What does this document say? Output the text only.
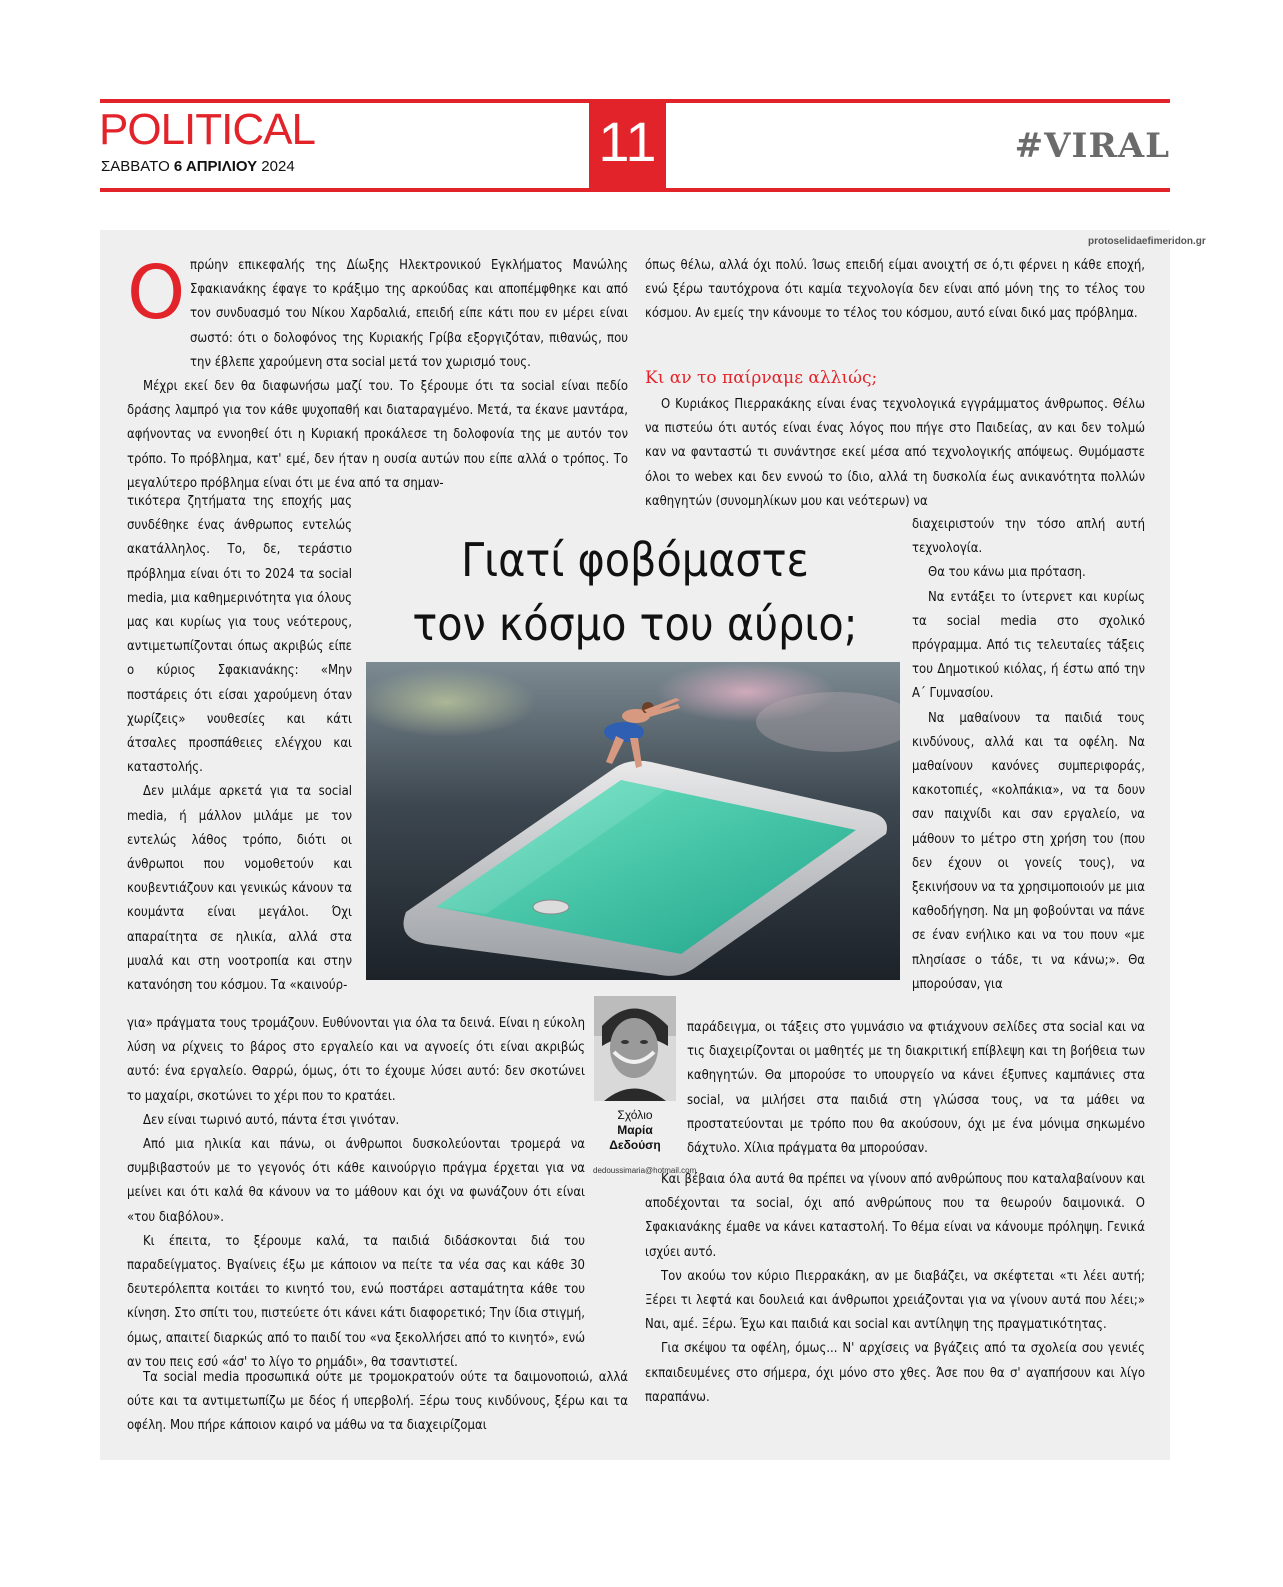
POLITICAL
ΣΑΒΒΑΤΟ 6 ΑΠΡΙΛΙΟΥ 2024	11	#VIRAL
protoselidaefimeridon.gr
Ο πρώην επικεφαλής της Δίωξης Ηλεκτρονικού Εγκλήματος Μανώλης Σφακιανάκης έφαγε το κράξιμο της αρκούδας και αποπέμφθηκε και από τον συνδυασμό του Νίκου Χαρδαλιά, επειδή είπε κάτι που εν μέρει είναι σωστό: ότι ο δολοφόνος της Κυριακής Γρίβα εξοργιζόταν, πιθανώς, που την έβλεπε χαρούμενη στα social μετά τον χωρισμό τους.

Μέχρι εκεί δεν θα διαφωνήσω μαζί του. Το ξέρουμε ότι τα social είναι πεδίο δράσης λαμπρό για τον κάθε ψυχοπαθή και διαταραγμένο. Μετά, τα έκανε μαντάρα, αφήνοντας να εννοηθεί ότι η Κυριακή προκάλεσε τη δολοφονία της με αυτόν τον τρόπο. Το πρόβλημα, κατ' εμέ, δεν ήταν η ουσία αυτών που είπε αλλά ο τρόπος. Το μεγαλύτερο πρόβλημα είναι ότι με ένα από τα σημαν-

τικότερα ζητήματα της εποχής μας συνδέθηκε ένας άνθρωπος εντελώς ακατάλληλος. Το, δε, τεράστιο πρόβλημα είναι ότι το 2024 τα social media, μια καθημερινότητα για όλους μας και κυρίως για τους νεότερους, αντιμετωπίζονται όπως ακριβώς είπε ο κύριος Σφακιανάκης: «Μην ποστάρεις ότι είσαι χαρούμενη όταν χωρίζεις» νουθεσίες και κάτι άτσαλες προσπάθειες ελέγχου και καταστολής.

Δεν μιλάμε αρκετά για τα social media, ή μάλλον μιλάμε με τον εντελώς λάθος τρόπο, διότι οι άνθρωποι που νομοθετούν και κουβεντιάζουν και γενικώς κάνουν τα κουμάντα είναι μεγάλοι. Όχι απαραίτητα σε ηλικία, αλλά στα μυαλά και στη νοοτροπία και στην κατανόηση του κόσμου. Τα «καινούρ-

για» πράγματα τους τρομάζουν. Ευθύνονται για όλα τα δεινά. Είναι η εύκολη λύση να ρίχνεις το βάρος στο εργαλείο και να αγνοείς ότι είναι ακριβώς αυτό: ένα εργαλείο. Θαρρώ, όμως, ότι το έχουμε λύσει αυτό: δεν σκοτώνει το μαχαίρι, σκοτώνει το χέρι που το κρατάει.

Δεν είναι τωρινό αυτό, πάντα έτσι γινόταν.

Από μια ηλικία και πάνω, οι άνθρωποι δυσκολεύονται τρομερά να συμβιβαστούν με το γεγονός ότι κάθε καινούργιο πράγμα έρχεται για να μείνει και ότι καλά θα κάνουν να το μάθουν και όχι να φωνάζουν ότι είναι «του διαβόλου».

Κι έπειτα, το ξέρουμε καλά, τα παιδιά διδάσκονται διά του παραδείγματος. Βγαίνεις έξω με κάποιον να πείτε τα νέα σας και κάθε 30 δευτερόλεπτα κοιτάει το κινητό του, ενώ ποστάρει ασταμάτητα κάθε του κίνηση. Στο σπίτι του, πιστεύετε ότι κάνει κάτι διαφορετικό; Την ίδια στιγμή, όμως, απαιτεί διαρκώς από το παιδί του «να ξεκολλήσει από το κινητό», ενώ αν του πεις εσύ «άσ' το λίγο το ρημάδι», θα τσαντιστεί.

Τα social media προσωπικά ούτε με τρομοκρατούν ούτε τα δαιμονοποιώ, αλλά ούτε και τα αντιμετωπίζω με δέος ή υπερβολή. Ξέρω τους κινδύνους, ξέρω και τα οφέλη. Μου πήρε κάποιον καιρό να μάθω να τα διαχειρίζομαι

όπως θέλω, αλλά όχι πολύ. Ίσως επειδή είμαι ανοιχτή σε ό,τι φέρνει η κάθε εποχή, ενώ ξέρω ταυτόχρονα ότι καμία τεχνολογία δεν είναι από μόνη της το τέλος του κόσμου. Αν εμείς την κάνουμε το τέλος του κόσμου, αυτό είναι δικό μας πρόβλημα.

Κι αν το παίρναμε αλλιώς;

Ο Κυριάκος Πιερρακάκης είναι ένας τεχνολογικά εγγράμματος άνθρωπος. Θέλω να πιστεύω ότι αυτός είναι ένας λόγος που πήγε στο Παιδείας, αν και δεν τολμώ καν να φανταστώ τι συνάντησε εκεί μέσα από τεχνολογικής απόψεως. Θυμόμαστε όλοι το webex και δεν εννοώ το ίδιο, αλλά τη δυσκολία έως ανικανότητα πολλών καθηγητών (συνομηλίκων μου και νεότερων) να

διαχειριστούν την τόσο απλή αυτή τεχνολογία.

Θα του κάνω μια πρόταση.

Να εντάξει το ίντερνετ και κυρίως τα social media στο σχολικό πρόγραμμα. Από τις τελευταίες τάξεις του Δημοτικού κιόλας, ή έστω από την Α΄ Γυμνασίου.

Να μαθαίνουν τα παιδιά τους κινδύνους, αλλά και τα οφέλη. Να μαθαίνουν κανόνες συμπεριφοράς, κακοτοπιές, «κολπάκια», να τα δουν σαν παιχνίδι και σαν εργαλείο, να μάθουν το μέτρο στη χρήση του (που δεν έχουν οι γονείς τους), να ξεκινήσουν να τα χρησιμοποιούν με μια καθοδήγηση. Να μη φοβούνται να πάνε σε έναν ενήλικο και να του πουν «με πλησίασε ο τάδε, τι να κάνω;». Θα μπορούσαν, για

παράδειγμα, οι τάξεις στο γυμνάσιο να φτιάχνουν σελίδες στα social και να τις διαχειρίζονται οι μαθητές με τη διακριτική επίβλεψη και τη βοήθεια των καθηγητών. Θα μπορούσε το υπουργείο να κάνει έξυπνες καμπάνιες στα social, να μιλήσει στα παιδιά στη γλώσσα τους, να τα μάθει να προστατεύονται με τρόπο που θα ακούσουν, όχι με ένα μόνιμα σηκωμένο δάχτυλο. Χίλια πράγματα θα μπορούσαν.

Και βέβαια όλα αυτά θα πρέπει να γίνουν από ανθρώπους που καταλαβαίνουν και αποδέχονται τα social, όχι από ανθρώπους που τα θεωρούν δαιμονικά. Ο Σφακιανάκης έμαθε να κάνει καταστολή. Το θέμα είναι να κάνουμε πρόληψη. Γενικά ισχύει αυτό.

Τον ακούω τον κύριο Πιερρακάκη, αν με διαβάζει, να σκέφτεται «τι λέει αυτή; Ξέρει τι λεφτά και δουλειά και άνθρωποι χρειάζονται για να γίνουν αυτά που λέει;» Ναι, αμέ. Ξέρω. Έχω και παιδιά και social και αντίληψη της πραγματικότητας.

Για σκέψου τα οφέλη, όμως... Ν' αρχίσεις να βγάζεις από τα σχολεία σου γενιές εκπαιδευμένες στο σήμερα, όχι μόνο στο χθες. Άσε που θα σ' αγαπήσουν και λίγο παραπάνω.

Γιατί φοβόμαστε
τον κόσμο του αύριο;
Σχόλιο
Μαρία
Δεδούση
dedoussimaria@hotmail.com
